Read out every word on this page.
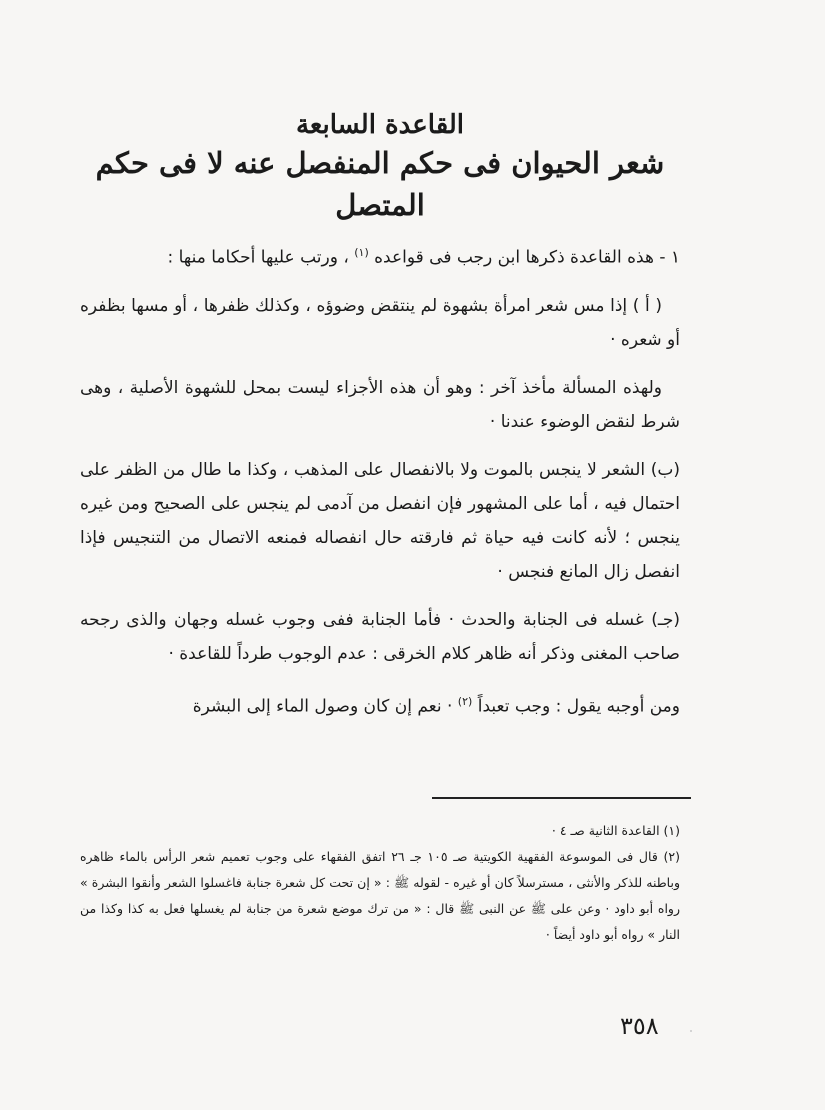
القاعدة السابعة
شعر الحيوان فى حكم المنفصل عنه لا فى حكم المتصل

١ - هذه القاعدة ذكرها ابن رجب فى قواعده $^{(١)}$ ، ورتب عليها أحكاما منها :

( أ ) إذا مس شعر امرأة بشهوة لم ينتقض وضوؤه ، وكذلك ظفرها ، أو مسها بظفره أو شعره ·

ولهذه المسألة مأخذ آخر : وهو أن هذه الأجزاء ليست بمحل للشهوة الأصلية ، وهى شرط لنقض الوضوء عندنا ·

(ب) الشعر لا ينجس بالموت ولا بالانفصال على المذهب ، وكذا ما طال من الظفر على احتمال فيه ، أما على المشهور فإن انفصل من آدمى لم ينجس على الصحيح ومن غيره ينجس ؛ لأنه كانت فيه حياة ثم فارقته حال انفصاله فمنعه الاتصال من التنجيس فإذا انفصل زال المانع فنجس ·

(جـ) غسله فى الجنابة والحدث · فأما الجنابة ففى وجوب غسله وجهان والذى رجحه صاحب المغنى وذكر أنه ظاهر كلام الخرقى : عدم الوجوب طرداً للقاعدة ·

ومن أوجبه يقول : وجب تعبداً $^{(٢)}$ · نعم إن كان وصول الماء إلى البشرة

(١) القاعدة الثانية صـ ٤ ·

(٢) قال فى الموسوعة الفقهية الكويتية صـ ١٠٥ جـ ٢٦ اتفق الفقهاء على وجوب تعميم شعر الرأس بالماء ظاهره وباطنه للذكر والأنثى ، مسترسلاً كان أو غيره - لقوله ﷺ : « إن تحت كل شعرة جنابة فاغسلوا الشعر وأنقوا البشرة » رواه أبو داود · وعن على ﷺ عن النبى ﷺ قال : « من ترك موضع شعرة من جنابة لم يغسلها فعل به كذا وكذا من النار » رواه أبو داود أيضاً ·

٣٥٨
